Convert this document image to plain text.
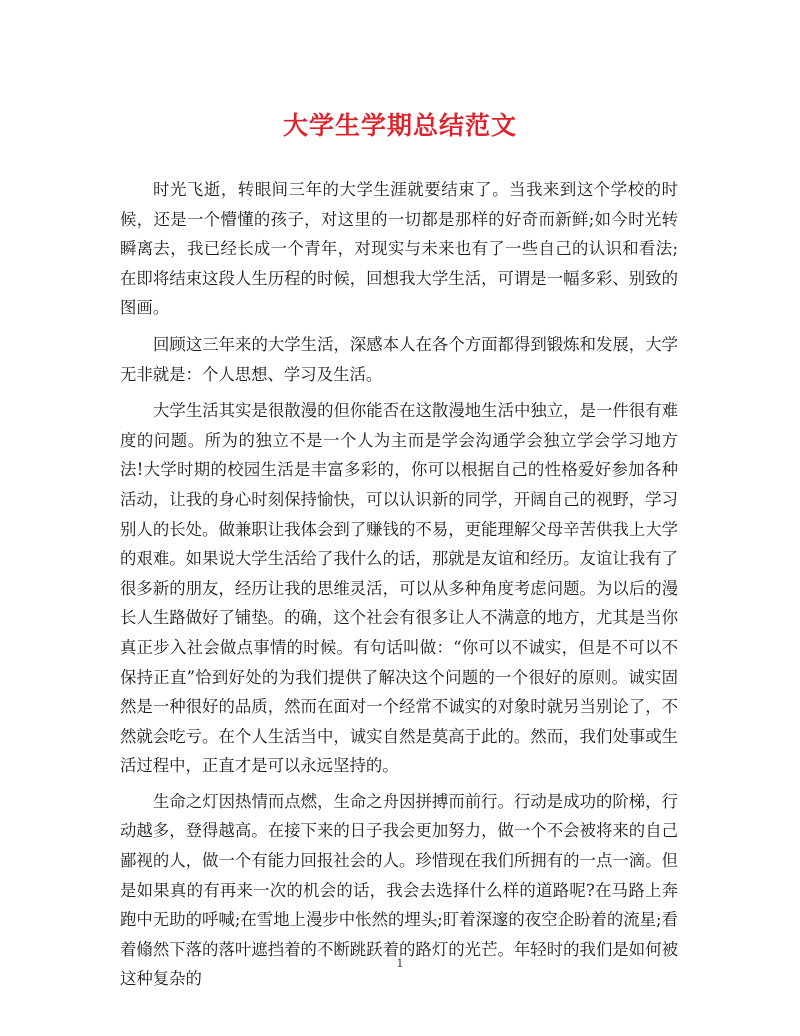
大学生学期总结范文

时光飞逝，转眼间三年的大学生涯就要结束了。当我来到这个学校的时候，还是一个懵懂的孩子，对这里的一切都是那样的好奇而新鲜;如今时光转瞬离去，我已经长成一个青年，对现实与未来也有了一些自己的认识和看法;在即将结束这段人生历程的时候，回想我大学生活，可谓是一幅多彩、别致的图画。

回顾这三年来的大学生活，深感本人在各个方面都得到锻炼和发展，大学无非就是：个人思想、学习及生活。

大学生活其实是很散漫的但你能否在这散漫地生活中独立，是一件很有难度的问题。所为的独立不是一个人为主而是学会沟通学会独立学会学习地方法!大学时期的校园生活是丰富多彩的，你可以根据自己的性格爱好参加各种活动，让我的身心时刻保持愉快，可以认识新的同学，开阔自己的视野，学习别人的长处。做兼职让我体会到了赚钱的不易，更能理解父母辛苦供我上大学的艰难。如果说大学生活给了我什么的话，那就是友谊和经历。友谊让我有了很多新的朋友，经历让我的思维灵活，可以从多种角度考虑问题。为以后的漫长人生路做好了铺垫。的确，这个社会有很多让人不满意的地方，尤其是当你真正步入社会做点事情的时候。有句话叫做：“你可以不诚实，但是不可以不保持正直”恰到好处的为我们提供了解决这个问题的一个很好的原则。诚实固然是一种很好的品质，然而在面对一个经常不诚实的对象时就另当别论了，不然就会吃亏。在个人生活当中，诚实自然是莫高于此的。然而，我们处事或生活过程中，正直才是可以永远坚持的。

生命之灯因热情而点燃，生命之舟因拼搏而前行。行动是成功的阶梯，行动越多，登得越高。在接下来的日子我会更加努力，做一个不会被将来的自己鄙视的人，做一个有能力回报社会的人。珍惜现在我们所拥有的一点一滴。但是如果真的有再来一次的机会的话，我会去选择什么样的道路呢?在马路上奔跑中无助的呼喊;在雪地上漫步中怅然的埋头;盯着深邃的夜空企盼着的流星;看着翛然下落的落叶遮挡着的不断跳跃着的路灯的光芒。年轻时的我们是如何被这种复杂的

1
